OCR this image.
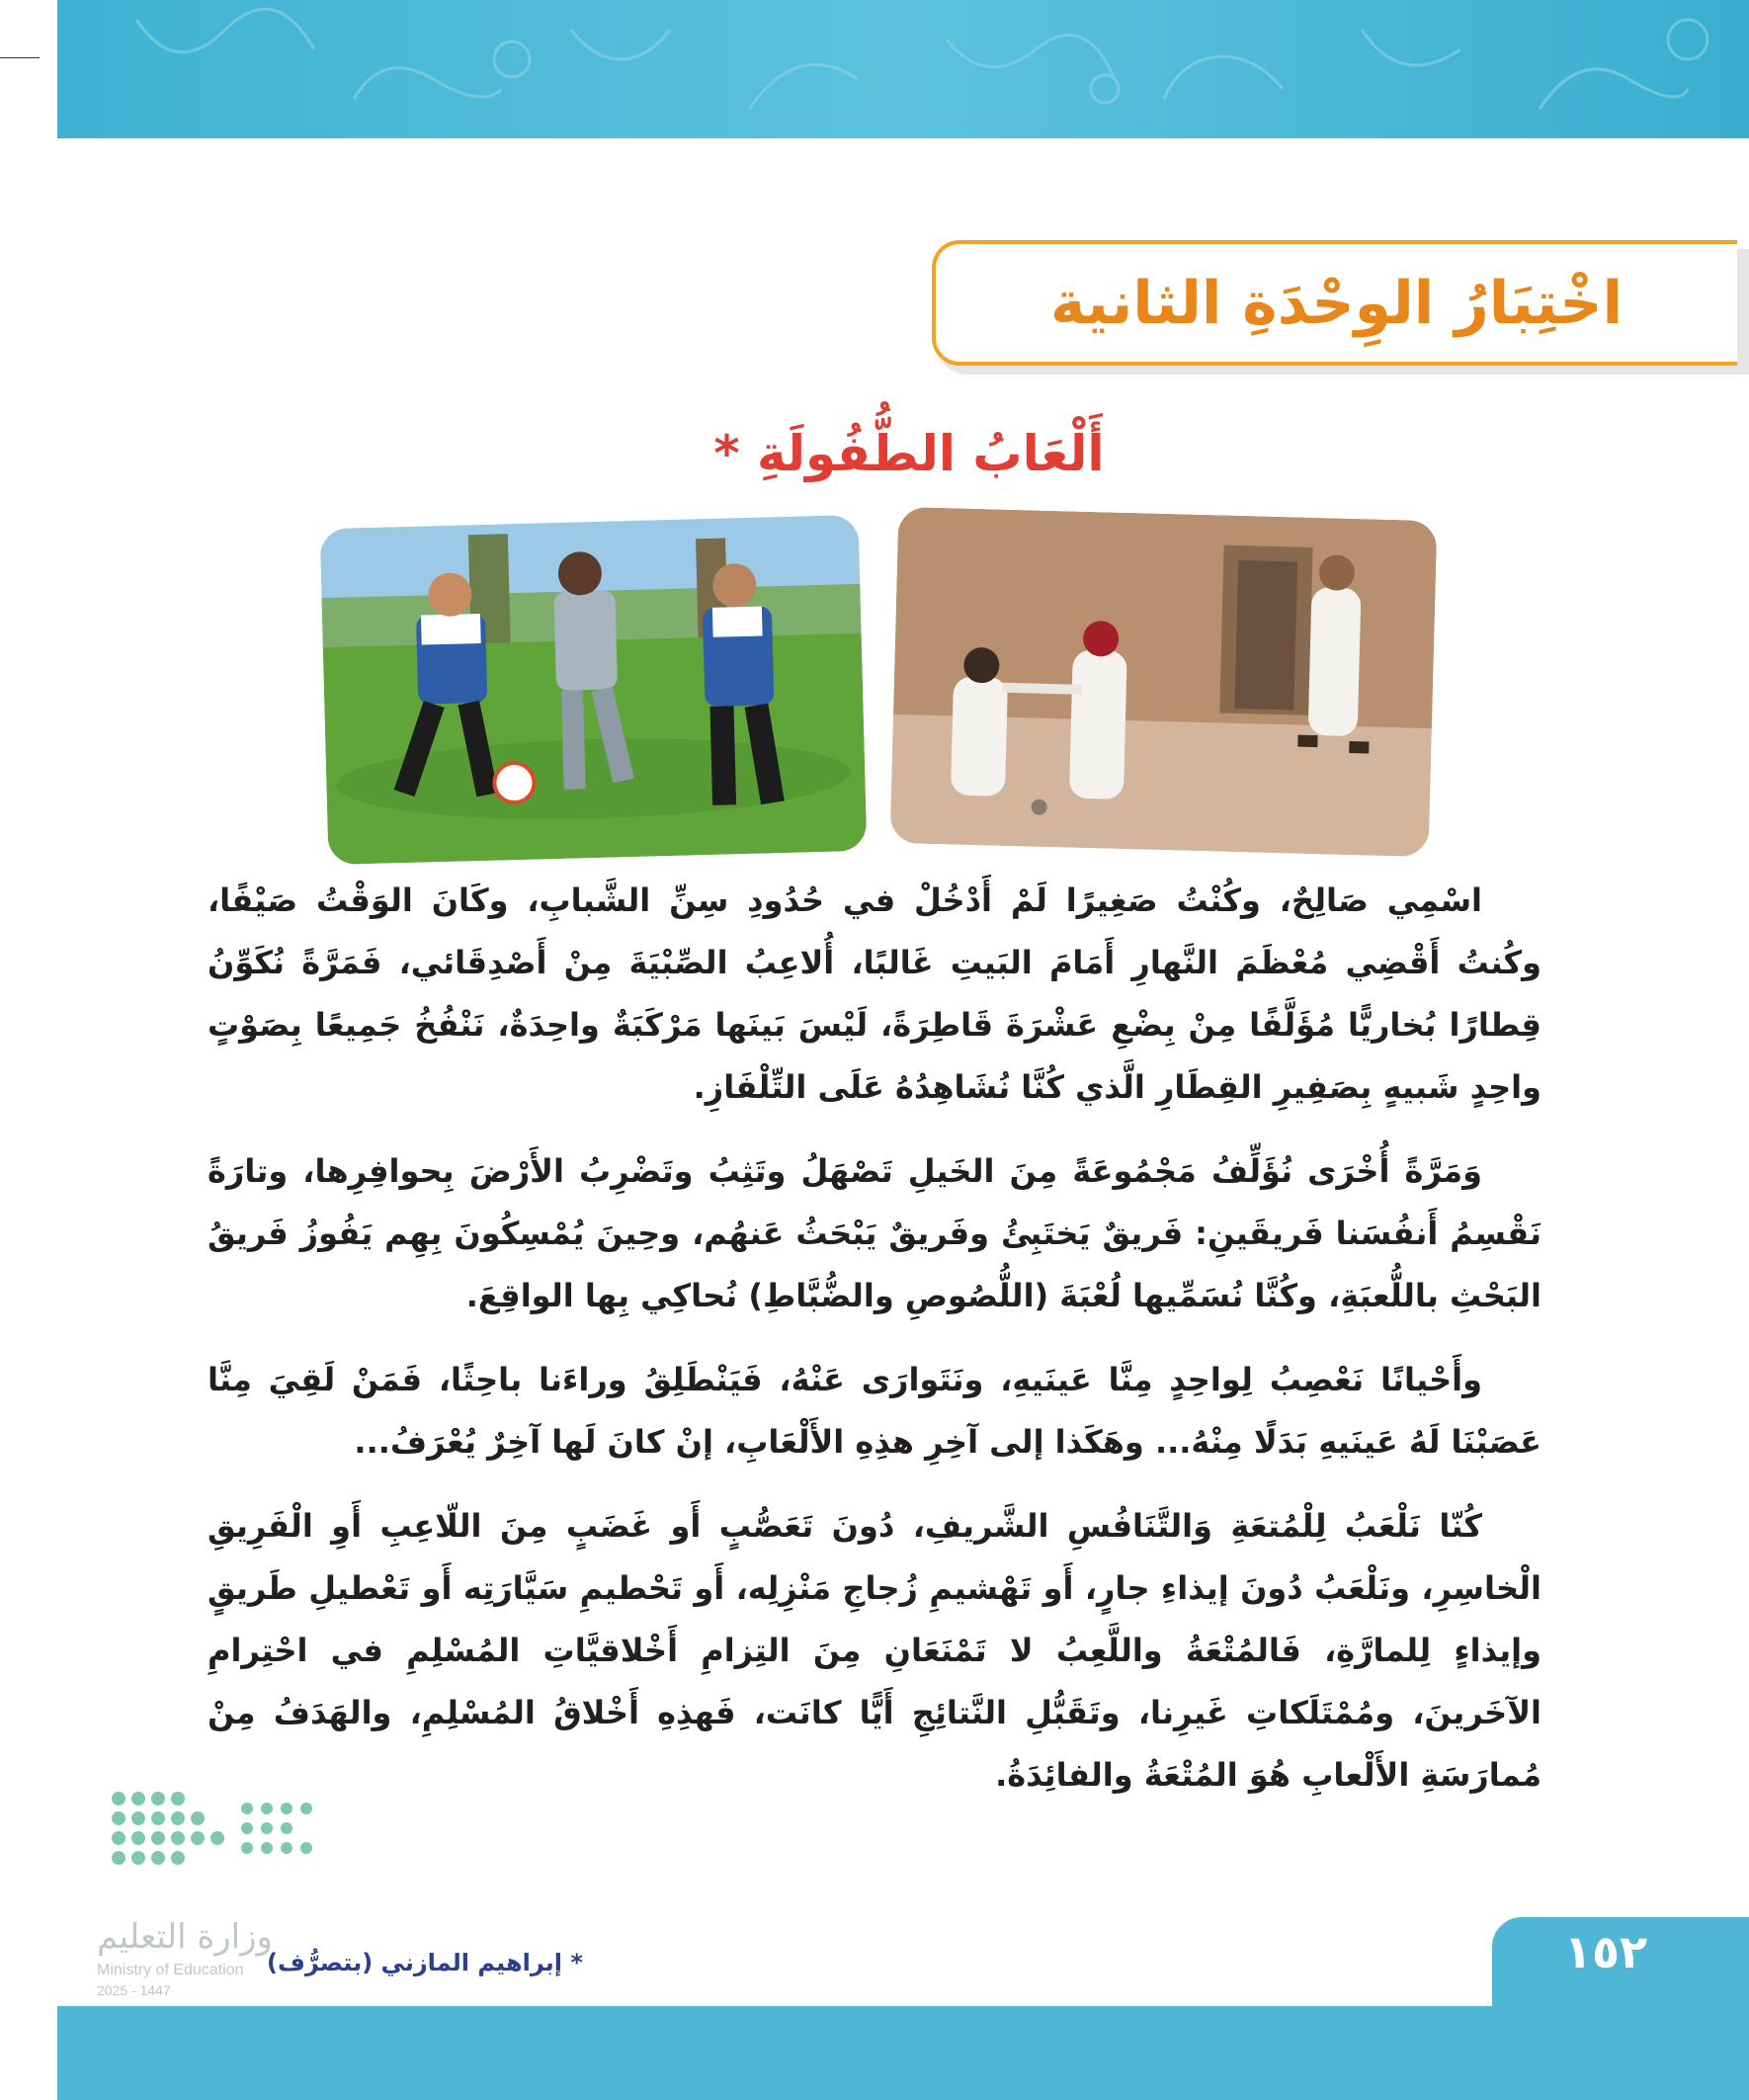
اخْتِبَارُ الوِحْدَةِ الثانية
أَلْعَابُ الطُّفُولَةِ *

اسْمِي صَالِحٌ، وكُنْتُ صَغِيرًا لَمْ أَدْخُلْ في حُدُودِ سِنِّ الشَّبابِ، وكَانَ الوَقْتُ صَيْفًا، وكُنتُ أَقْضِي مُعْظَمَ النَّهارِ أَمَامَ البَيتِ غَالبًا، أُلاعِبُ الصِّبْيَةَ مِنْ أَصْدِقَائي، فَمَرَّةً نُكَوِّنُ قِطارًا بُخاريًّا مُؤَلَّفًا مِنْ بِضْعِ عَشْرَةَ قَاطِرَةً، لَيْسَ بَينَها مَرْكَبَةٌ واحِدَةٌ، نَنْفُخُ جَمِيعًا بِصَوْتٍ واحِدٍ شَبيهٍ بِصَفِيرِ القِطَارِ الَّذي كُنَّا نُشَاهِدُهُ عَلَى التِّلْفَازِ.

وَمَرَّةً أُخْرَى نُؤَلِّفُ مَجْمُوعَةً مِنَ الخَيلِ تَصْهَلُ وتَثِبُ وتَضْرِبُ الأَرْضَ بِحوافِرِها، وتارَةً نَقْسِمُ أَنفُسَنا فَريقَينِ: فَريقٌ يَختَبِئُ وفَريقٌ يَبْحَثُ عَنهُم، وحِينَ يُمْسِكُونَ بِهِم يَفُوزُ فَريقُ البَحْثِ باللُّعبَةِ، وكُنَّا نُسَمِّيها لُعْبَةَ (اللُّصُوصِ والضُّبَّاطِ) نُحاكِي بِها الواقِعَ.

وأَحْيانًا نَعْصِبُ لِواحِدٍ مِنَّا عَينَيهِ، ونَتَوارَى عَنْهُ، فَيَنْطَلِقُ وراءَنا باحِثًا، فَمَنْ لَقِيَ مِنَّا عَصَبْنَا لَهُ عَينَيهِ بَدَلًا مِنْهُ... وهَكَذا إلى آخِرِ هذِهِ الأَلْعَابِ، إنْ كانَ لَها آخِرٌ يُعْرَفُ...

كُنّا نَلْعَبُ لِلْمُتعَةِ وَالتَّنَافُسِ الشَّريفِ، دُونَ تَعَصُّبٍ أَو غَضَبٍ مِنَ اللّاعِبِ أَوِ الْفَرِيقِ الْخاسِرِ، ونَلْعَبُ دُونَ إيذاءِ جارٍ، أَو تَهْشيمِ زُجاجِ مَنْزِلِه، أَو تَحْطيمِ سَيَّارَتِه أَو تَعْطيلِ طَريقٍ وإيذاءٍ لِلمارَّةِ، فَالمُتْعَةُ واللَّعِبُ لا تَمْنَعَانِ مِنَ التِزامِ أَخْلاقيَّاتِ المُسْلِمِ في احْتِرامِ الآخَرينَ، ومُمْتَلَكاتِ غَيرِنا، وتَقَبُّلِ النَّتائِجِ أَيًّا كانَت، فَهذِهِ أَخْلاقُ المُسْلِمِ، والهَدَفُ مِنْ مُمارَسَةِ الأَلْعابِ هُوَ المُتْعَةُ والفائِدَةُ.

وزارة التعليم
Ministry of Education
2025 - 1447
* إبراهيم المازني (بتصرُّف)	١٥٢
